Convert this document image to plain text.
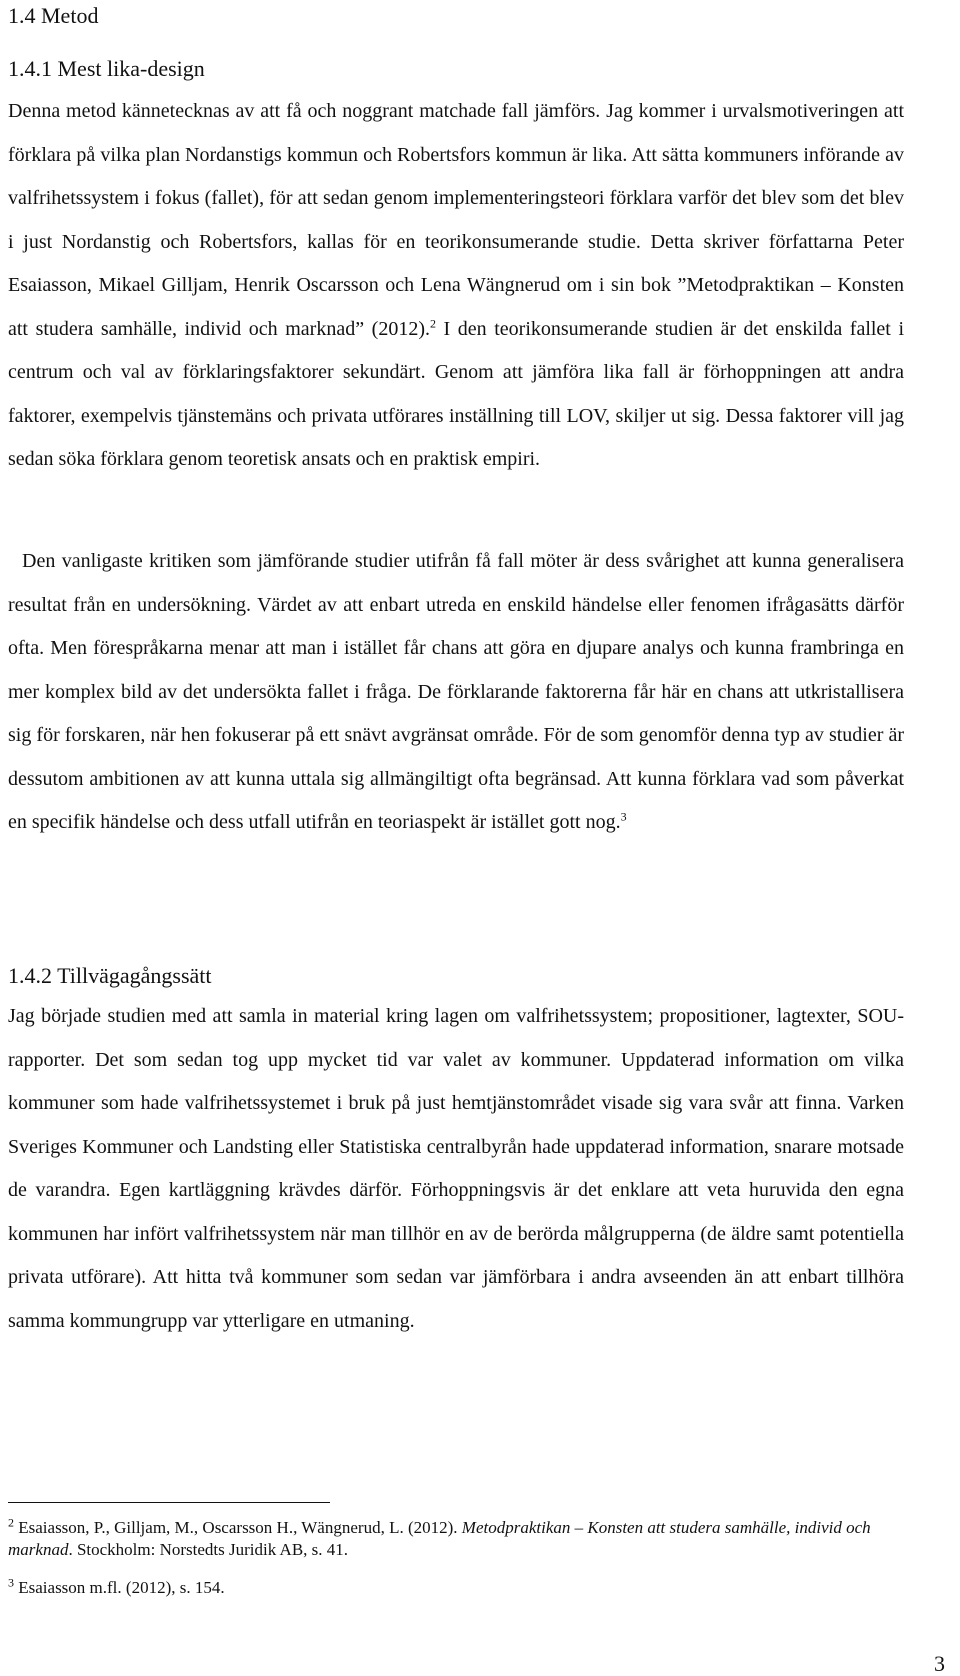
1.4 Metod
1.4.1 Mest lika-design
Denna metod kännetecknas av att få och noggrant matchade fall jämförs. Jag kommer i urvalsmotiveringen att förklara på vilka plan Nordanstigs kommun och Robertsfors kommun är lika. Att sätta kommuners införande av valfrihetssystem i fokus (fallet), för att sedan genom implementeringsteori förklara varför det blev som det blev i just Nordanstig och Robertsfors, kallas för en teorikonsumerande studie. Detta skriver författarna Peter Esaiasson, Mikael Gilljam, Henrik Oscarsson och Lena Wängnerud om i sin bok ”Metodpraktikan – Konsten att studera samhälle, individ och marknad” (2012).$^2$ I den teorikonsumerande studien är det enskilda fallet i centrum och val av förklaringsfaktorer sekundärt. Genom att jämföra lika fall är förhoppningen att andra faktorer, exempelvis tjänstemäns och privata utförares inställning till LOV, skiljer ut sig. Dessa faktorer vill jag sedan söka förklara genom teoretisk ansats och en praktisk empiri.
Den vanligaste kritiken som jämförande studier utifrån få fall möter är dess svårighet att kunna generalisera resultat från en undersökning. Värdet av att enbart utreda en enskild händelse eller fenomen ifrågasätts därför ofta. Men förespråkarna menar att man i istället får chans att göra en djupare analys och kunna frambringa en mer komplex bild av det undersökta fallet i fråga. De förklarande faktorerna får här en chans att utkristallisera sig för forskaren, när hen fokuserar på ett snävt avgränsat område. För de som genomför denna typ av studier är dessutom ambitionen av att kunna uttala sig allmängiltigt ofta begränsad. Att kunna förklara vad som påverkat en specifik händelse och dess utfall utifrån en teoriaspekt är istället gott nog.$^3$
1.4.2 Tillvägagångssätt
Jag började studien med att samla in material kring lagen om valfrihetssystem; propositioner, lagtexter, SOU-rapporter. Det som sedan tog upp mycket tid var valet av kommuner. Uppdaterad information om vilka kommuner som hade valfrihetssystemet i bruk på just hemtjänstområdet visade sig vara svår att finna. Varken Sveriges Kommuner och Landsting eller Statistiska centralbyrån hade uppdaterad information, snarare motsade de varandra. Egen kartläggning krävdes därför. Förhoppningsvis är det enklare att veta huruvida den egna kommunen har infört valfrihetssystem när man tillhör en av de berörda målgrupperna (de äldre samt potentiella privata utförare). Att hitta två kommuner som sedan var jämförbara i andra avseenden än att enbart tillhöra samma kommungrupp var ytterligare en utmaning.
$^2$ Esaiasson, P., Gilljam, M., Oscarsson H., Wängnerud, L. (2012). Metodpraktikan – Konsten att studera samhälle, individ och marknad. Stockholm: Norstedts Juridik AB, s. 41.
$^3$ Esaiasson m.fl. (2012), s. 154.
3
